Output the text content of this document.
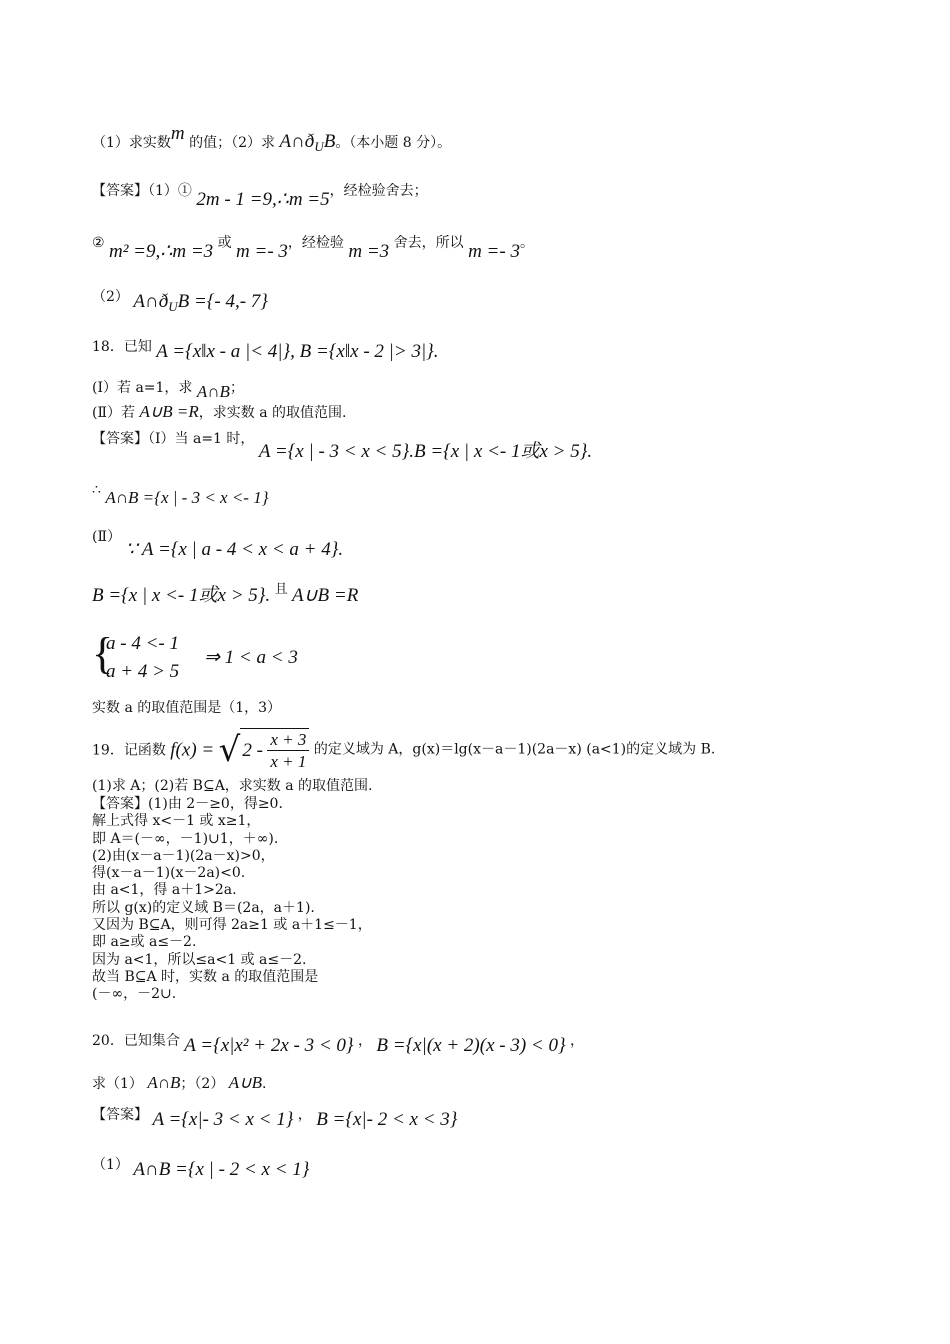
（1）求实数m 的值；（2）求 $A\cap ð_UB$。（本小题 8 分）。
【答案】（1）① 2m - 1 =9,∴m =5，经检验舍去；
② m² =9,∴m =3 或 m =- 3，经检验 m =3 舍去，所以 m =- 3。
（2） $A\cap ð_UB$ ={- 4,- 7}
18．已知 A ={x‖x - a |< 4|}, B ={x‖x - 2 |> 3|}.
(Ⅰ）若 a=1，求 A∩B；
(Ⅱ）若 A∪B =R，求实数 a 的取值范围.
【答案】（Ⅰ）当 a=1 时， A ={x | - 3 < x < 5}.B ={x | x <- 1或x > 5}.
∴ A∩B ={x | - 3 < x <- 1}
(Ⅱ） ∵ A ={x | a - 4 < x < a + 4}.
B ={x | x <- 1或x > 5}. 且 A∪B =R
{
a - 4 <- 1
a + 4 > 5
⇒ 1 < a < 3
实数 a 的取值范围是（1，3）
19．记函数 f(x) = √ $2 - \frac{x + 3}{x + 1}$ 的定义域为 A，g(x)＝lg(x－a－1)(2a－x) (a<1)的定义域为 B.
(1)求 A；(2)若 B⊆A，求实数 a 的取值范围.
【答案】(1)由 2－≥0，得≥0.
解上式得 x<－1 或 x≥1，
即 A＝(－∞，－1)∪1，＋∞).
(2)由(x－a－1)(2a－x)>0，
得(x－a－1)(x－2a)<0.
由 a<1，得 a＋1>2a.
所以 g(x)的定义域 B＝(2a，a＋1).
又因为 B⊆A，则可得 2a≥1 或 a＋1≤－1，
即 a≥或 a≤－2.
因为 a<1，所以≤a<1 或 a≤－2.
故当 B⊆A 时，实数 a 的取值范围是
(－∞，－2∪.
20．已知集合 A ={x|x² + 2x - 3 < 0} ， B ={x|(x + 2)(x - 3) < 0} ，
求（1） A∩B；（2） A∪B.
【答案】 A ={x|- 3 < x < 1} ， B ={x|- 2 < x < 3}
（1） A∩B ={x | - 2 < x < 1}
